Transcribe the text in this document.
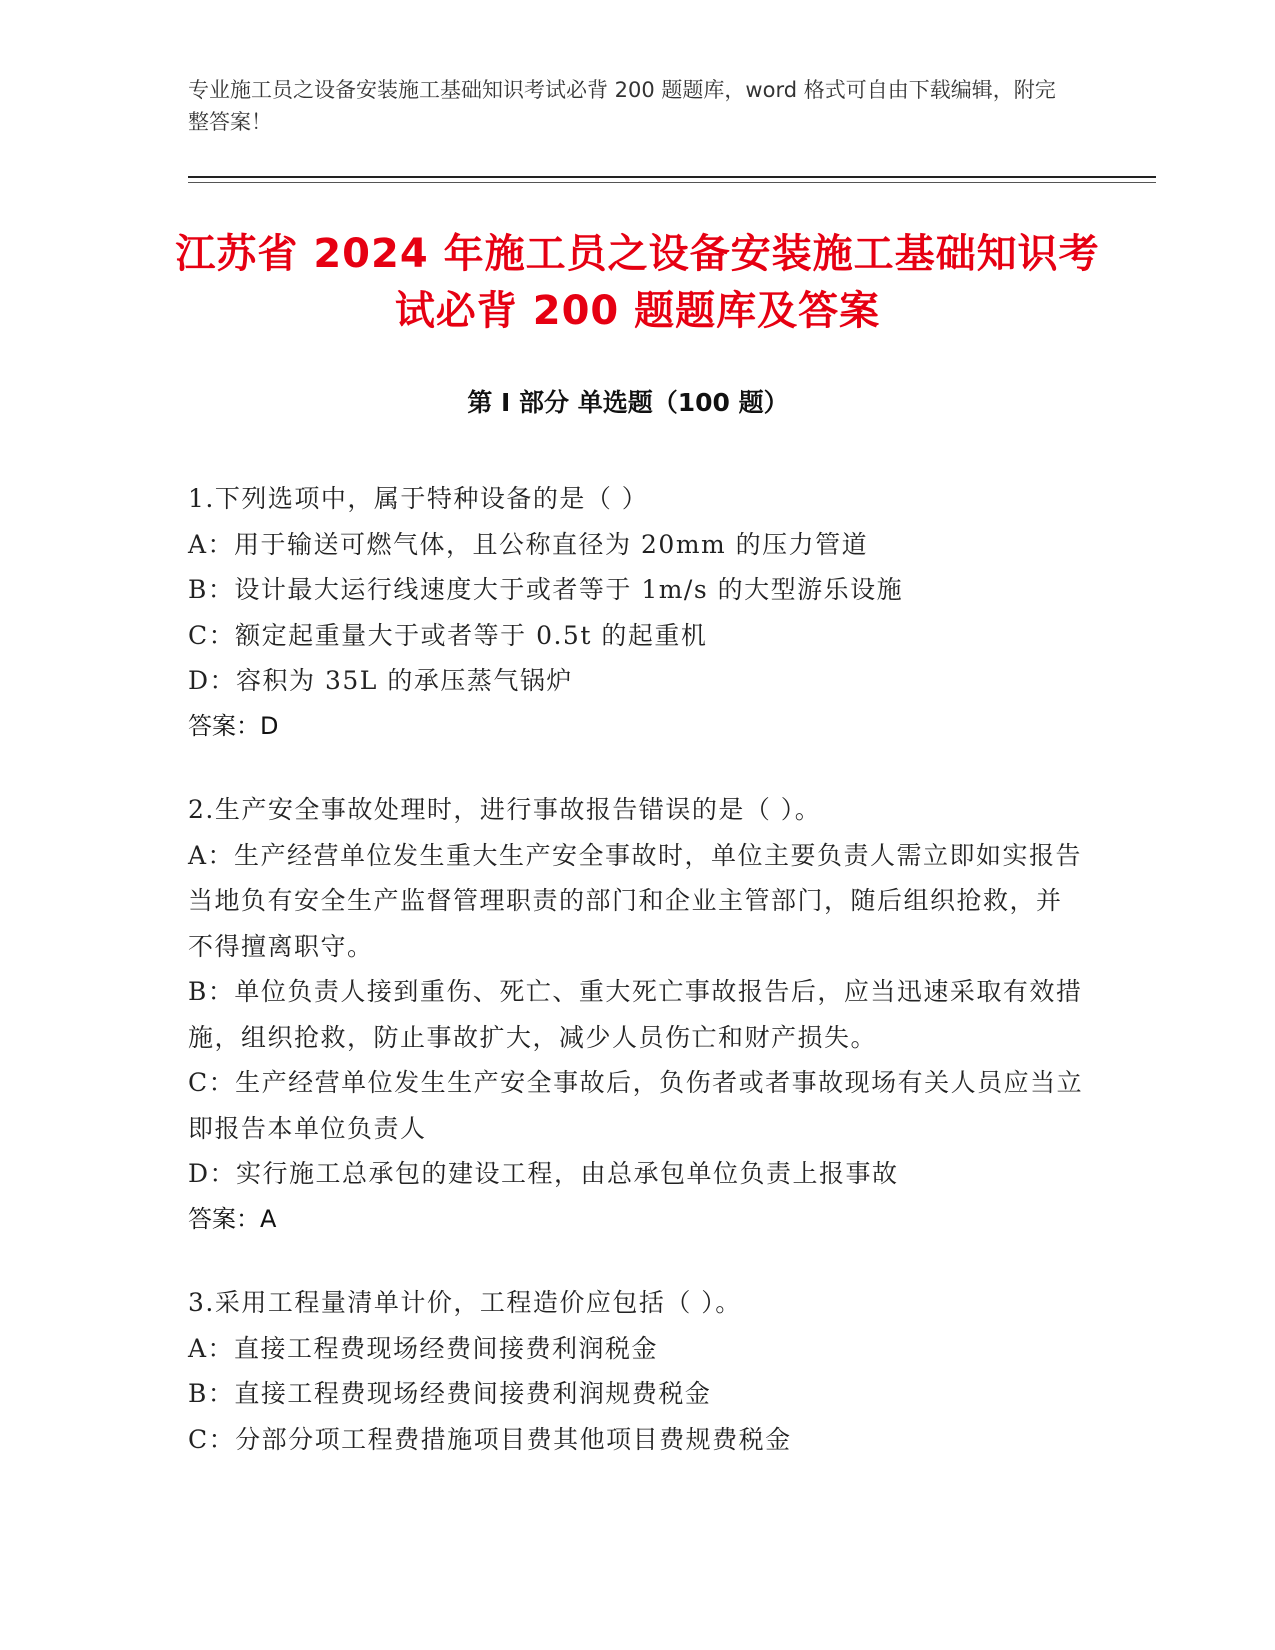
专业施工员之设备安装施工基础知识考试必背 200 题题库，word 格式可自由下载编辑，附完整答案！
江苏省 2024 年施工员之设备安装施工基础知识考试必背 200 题题库及答案
第 I 部分 单选题（100 题）
1.下列选项中，属于特种设备的是（ ）
A：用于输送可燃气体，且公称直径为 20mm 的压力管道
B：设计最大运行线速度大于或者等于 1m/s 的大型游乐设施
C：额定起重量大于或者等于 0.5t 的起重机
D：容积为 35L 的承压蒸气锅炉
答案：D
2.生产安全事故处理时，进行事故报告错误的是（ ）。
A：生产经营单位发生重大生产安全事故时，单位主要负责人需立即如实报告当地负有安全生产监督管理职责的部门和企业主管部门，随后组织抢救，并不得擅离职守。
B：单位负责人接到重伤、死亡、重大死亡事故报告后，应当迅速采取有效措施，组织抢救，防止事故扩大，减少人员伤亡和财产损失。
C：生产经营单位发生生产安全事故后，负伤者或者事故现场有关人员应当立即报告本单位负责人
D：实行施工总承包的建设工程，由总承包单位负责上报事故
答案：A
3.采用工程量清单计价，工程造价应包括（ ）。
A：直接工程费现场经费间接费利润税金
B：直接工程费现场经费间接费利润规费税金
C：分部分项工程费措施项目费其他项目费规费税金
